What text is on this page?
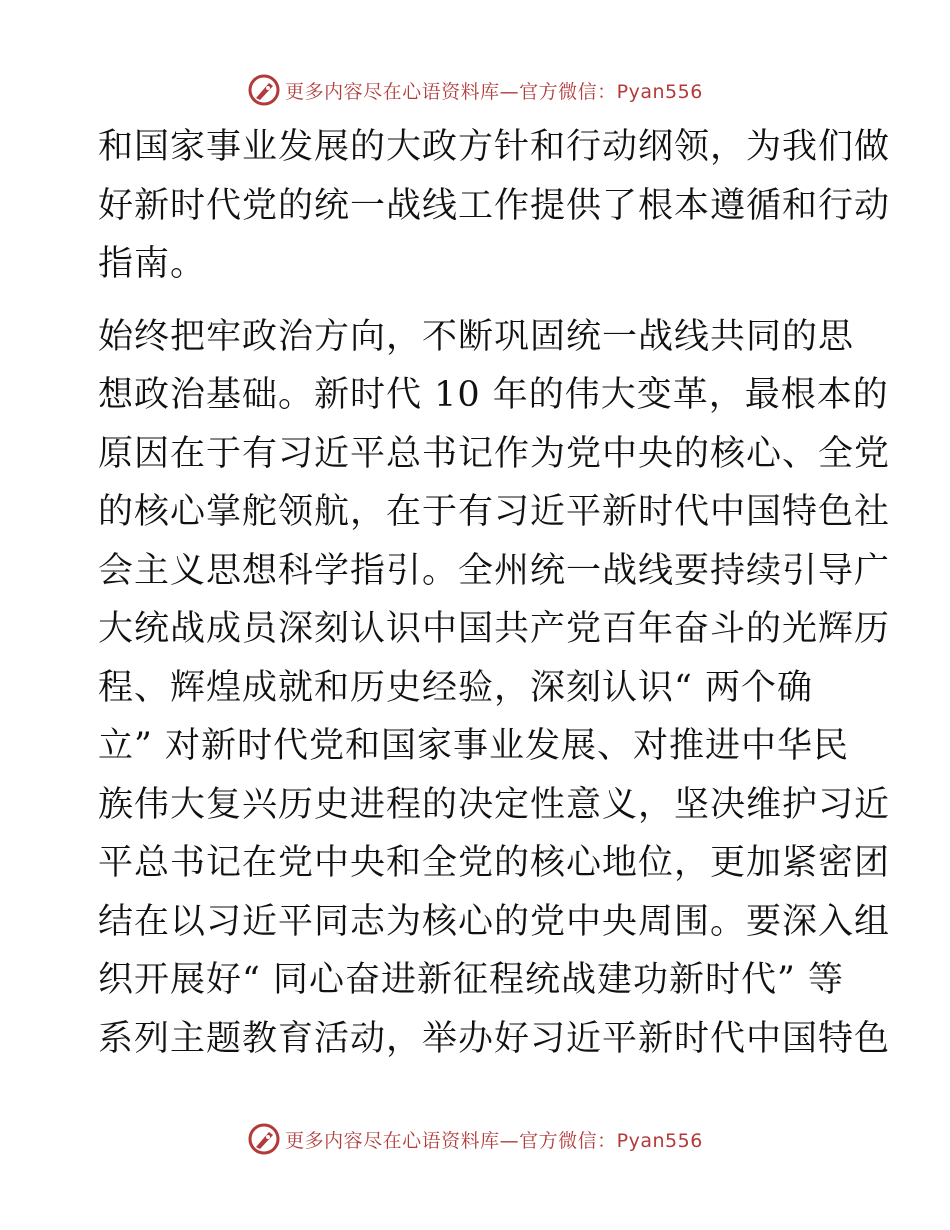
更多内容尽在心语资料库—官方微信：Pyan556
和国家事业发展的大政方针和行动纲领，为我们做
好新时代党的统一战线工作提供了根本遵循和行动
指南。
始终把牢政治方向，不断巩固统一战线共同的思
想政治基础。新时代 10 年的伟大变革，最根本的
原因在于有习近平总书记作为党中央的核心、全党
的核心掌舵领航，在于有习近平新时代中国特色社
会主义思想科学指引。全州统一战线要持续引导广
大统战成员深刻认识中国共产党百年奋斗的光辉历
程、辉煌成就和历史经验，深刻认识“ 两个确
立” 对新时代党和国家事业发展、对推进中华民
族伟大复兴历史进程的决定性意义，坚决维护习近
平总书记在党中央和全党的核心地位，更加紧密团
结在以习近平同志为核心的党中央周围。要深入组
织开展好“ 同心奋进新征程统战建功新时代” 等
系列主题教育活动，举办好习近平新时代中国特色
更多内容尽在心语资料库—官方微信：Pyan556
